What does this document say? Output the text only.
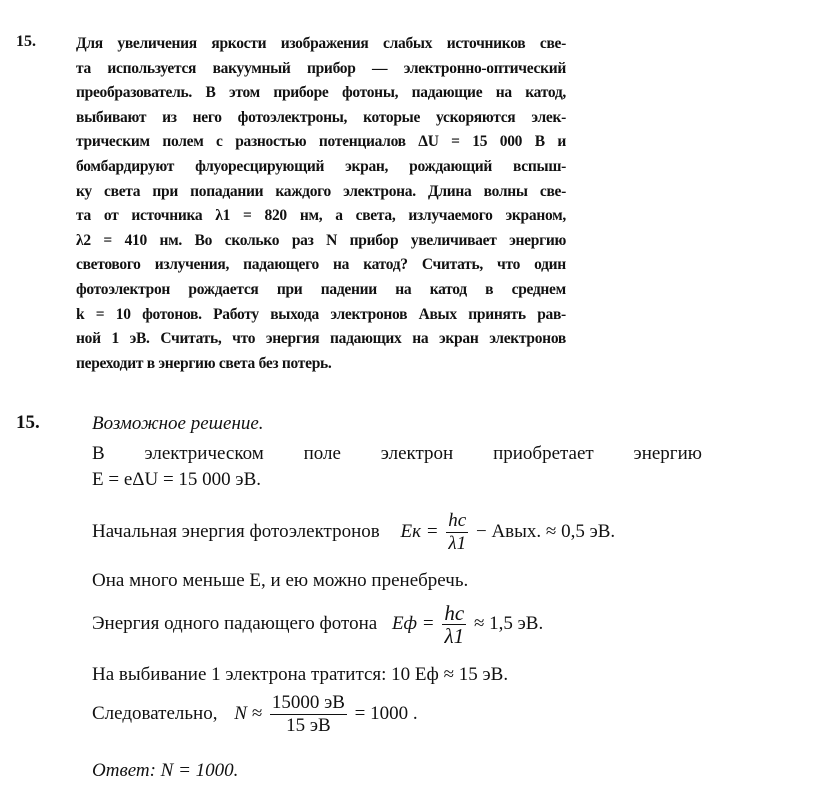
15.	Для увеличения яркости изображения слабых источников све-
та используется вакуумный прибор — электронно-оптический
преобразователь. В этом приборе фотоны, падающие на катод,
выбивают из него фотоэлектроны, которые ускоряются элек-
трическим полем с разностью потенциалов ΔU = 15 000 В и
бомбардируют флуоресцирующий экран, рождающий вспыш-
ку света при попадании каждого электрона. Длина волны све-
та от источника λ1 = 820 нм, а света, излучаемого экраном,
λ2 = 410 нм. Во сколько раз N прибор увеличивает энергию
светового излучения, падающего на катод? Считать, что один
фотоэлектрон рождается при падении на катод в среднем
k = 10 фотонов. Работу выхода электронов Aвых принять рав-
ной 1 эВ. Считать, что энергия падающих на экран электронов
переходит в энергию света без потерь.
15.	Возможное решение.
В электрическом поле электрон приобретает энергию
E = eΔU = 15 000 эВ.
Начальная энергия фотоэлектронов Eк = $\frac{hc}{\lambda 1}$ − Aвых. ≈ 0,5 эВ.
Она много меньше E, и ею можно пренебречь.
Энергия одного падающего фотона Eф = $\frac{hc}{\lambda 1} \approx 1,5$ эВ.
На выбивание 1 электрона тратится: 10 Eф ≈ 15 эВ.
Следовательно, $N \approx \frac{15000 эВ}{15 эВ} = 1000$ .
Ответ: N = 1000.
